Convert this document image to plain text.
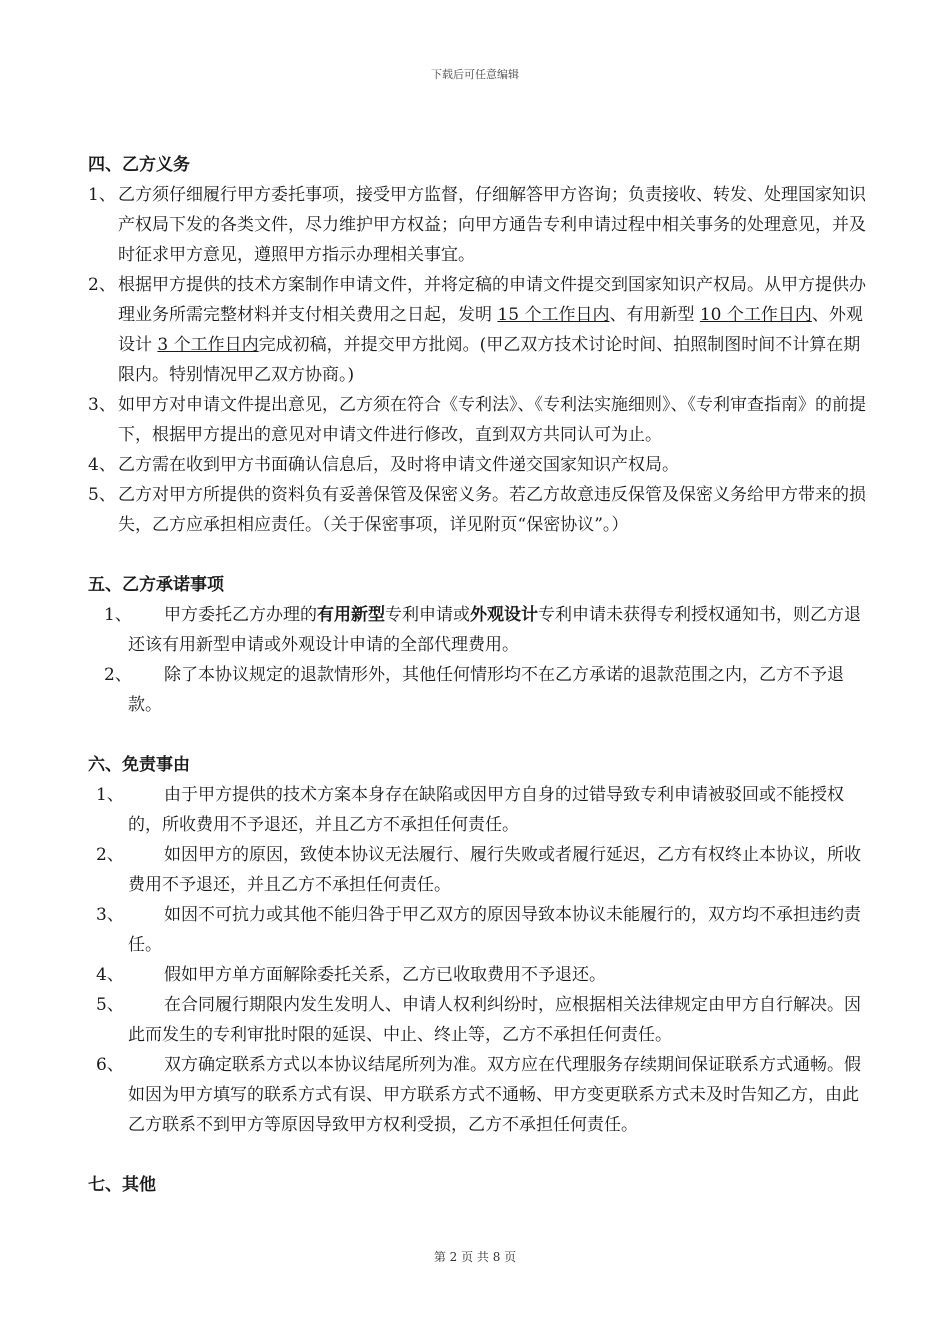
下载后可任意编辑
四、乙方义务
1、 乙方须仔细履行甲方委托事项，接受甲方监督，仔细解答甲方咨询；负责接收、转发、处理国家知识产权局下发的各类文件，尽力维护甲方权益；向甲方通告专利申请过程中相关事务的处理意见，并及时征求甲方意见，遵照甲方指示办理相关事宜。
2、 根据甲方提供的技术方案制作申请文件，并将定稿的申请文件提交到国家知识产权局。从甲方提供办理业务所需完整材料并支付相关费用之日起，发明 15 个工作日内、有用新型 10 个工作日内、外观设计 3 个工作日内完成初稿，并提交甲方批阅。(甲乙双方技术讨论时间、拍照制图时间不计算在期限内。特别情况甲乙双方协商。)
3、 如甲方对申请文件提出意见，乙方须在符合《专利法》、《专利法实施细则》、《专利审查指南》的前提下，根据甲方提出的意见对申请文件进行修改，直到双方共同认可为止。
4、 乙方需在收到甲方书面确认信息后，及时将申请文件递交国家知识产权局。
5、 乙方对甲方所提供的资料负有妥善保管及保密义务。若乙方故意违反保管及保密义务给甲方带来的损失，乙方应承担相应责任。（关于保密事项，详见附页“保密协议”。）
五、乙方承诺事项
1、 甲方委托乙方办理的有用新型专利申请或外观设计专利申请未获得专利授权通知书，则乙方退还该有用新型申请或外观设计申请的全部代理费用。
2、 除了本协议规定的退款情形外，其他任何情形均不在乙方承诺的退款范围之内，乙方不予退款。
六、免责事由
1、 由于甲方提供的技术方案本身存在缺陷或因甲方自身的过错导致专利申请被驳回或不能授权的，所收费用不予退还，并且乙方不承担任何责任。
2、 如因甲方的原因，致使本协议无法履行、履行失败或者履行延迟，乙方有权终止本协议，所收费用不予退还，并且乙方不承担任何责任。
3、 如因不可抗力或其他不能归咎于甲乙双方的原因导致本协议未能履行的，双方均不承担违约责任。
4、 假如甲方单方面解除委托关系，乙方已收取费用不予退还。
5、 在合同履行期限内发生发明人、申请人权利纠纷时，应根据相关法律规定由甲方自行解决。因此而发生的专利审批时限的延误、中止、终止等，乙方不承担任何责任。
6、 双方确定联系方式以本协议结尾所列为准。双方应在代理服务存续期间保证联系方式通畅。假如因为甲方填写的联系方式有误、甲方联系方式不通畅、甲方变更联系方式未及时告知乙方，由此乙方联系不到甲方等原因导致甲方权利受损，乙方不承担任何责任。
七、其他
第 2 页 共 8 页
